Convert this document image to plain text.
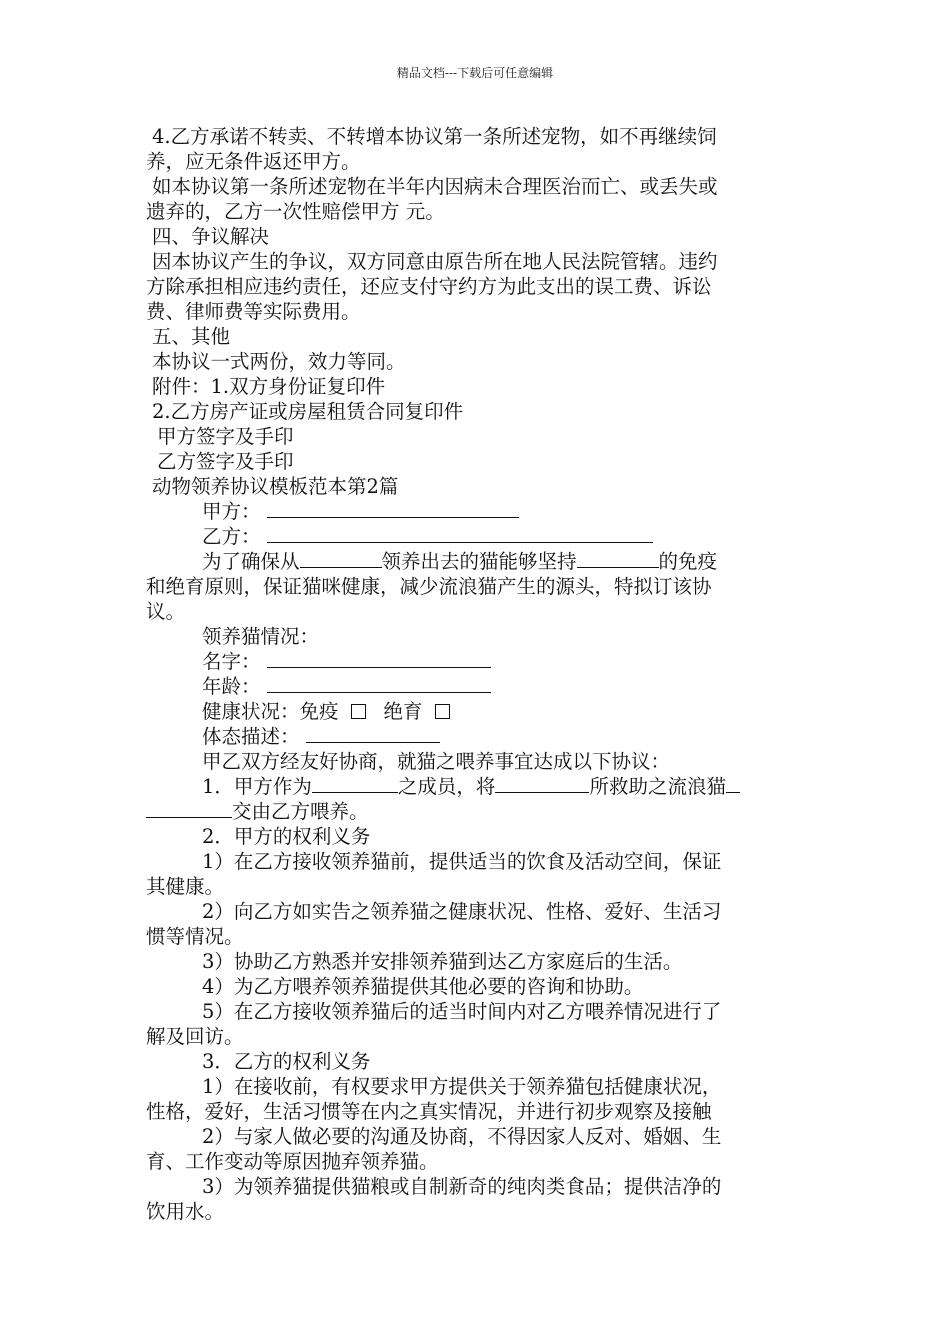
精品文档---下载后可任意编辑
4.乙方承诺不转卖、不转增本协议第一条所述宠物，如不再继续饲
养，应无条件返还甲方。
如本协议第一条所述宠物在半年内因病未合理医治而亡、或丢失或
遗弃的，乙方一次性赔偿甲方 元。
四、争议解决
因本协议产生的争议，双方同意由原告所在地人民法院管辖。违约
方除承担相应违约责任，还应支付守约方为此支出的误工费、诉讼
费、律师费等实际费用。
五、其他
本协议一式两份，效力等同。
附件：1.双方身份证复印件
2.乙方房产证或房屋租赁合同复印件
甲方签字及手印
乙方签字及手印
动物领养协议模板范本第2篇
甲方：
乙方：
为了确保从	领养出去的猫能够坚持	的免疫
和绝育原则，保证猫咪健康，减少流浪猫产生的源头，特拟订该协
议。
领养猫情况：
名字：
年龄：
健康状况：免疫 绝育
体态描述：
甲乙双方经友好协商，就猫之喂养事宜达成以下协议：
1．甲方作为	之成员，将	所救助之流浪猫
交由乙方喂养。
2．甲方的权利义务
1）在乙方接收领养猫前，提供适当的饮食及活动空间，保证
其健康。
2）向乙方如实告之领养猫之健康状况、性格、爱好、生活习
惯等情况。
3）协助乙方熟悉并安排领养猫到达乙方家庭后的生活。
4）为乙方喂养领养猫提供其他必要的咨询和协助。
5）在乙方接收领养猫后的适当时间内对乙方喂养情况进行了
解及回访。
3．乙方的权利义务
1）在接收前，有权要求甲方提供关于领养猫包括健康状况，
性格，爱好，生活习惯等在内之真实情况，并进行初步观察及接触
2）与家人做必要的沟通及协商，不得因家人反对、婚姻、生
育、工作变动等原因抛弃领养猫。
3）为领养猫提供猫粮或自制新奇的纯肉类食品；提供洁净的
饮用水。
